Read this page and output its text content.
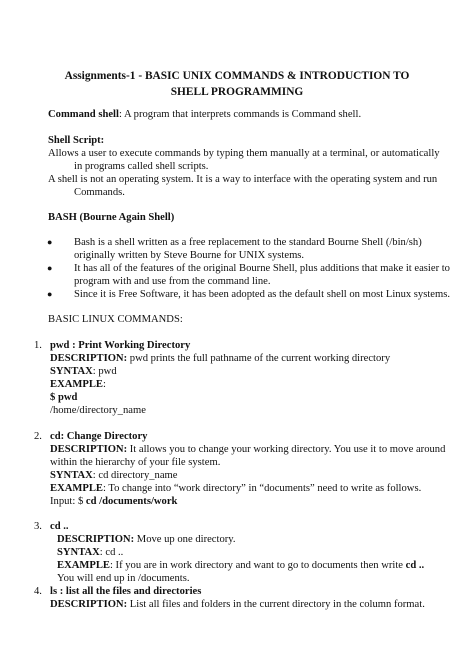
Assignments-1 - BASIC UNIX COMMANDS & INTRODUCTION TO
SHELL PROGRAMMING
Command shell: A program that interprets commands is Command shell.
Shell Script:
Allows a user to execute commands by typing them manually at a terminal, or automatically
in programs called shell scripts.
A shell is not an operating system. It is a way to interface with the operating system and run
Commands.
BASH (Bourne Again Shell)
● Bash is a shell written as a free replacement to the standard Bourne Shell (/bin/sh)
originally written by Steve Bourne for UNIX systems.
● It has all of the features of the original Bourne Shell, plus additions that make it easier to
program with and use from the command line.
● Since it is Free Software, it has been adopted as the default shell on most Linux systems.
BASIC LINUX COMMANDS:
1. pwd : Print Working Directory
DESCRIPTION: pwd prints the full pathname of the current working directory
SYNTAX: pwd
EXAMPLE:
$ pwd
/home/directory_name
2. cd: Change Directory
DESCRIPTION: It allows you to change your working directory. You use it to move around
within the hierarchy of your file system.
SYNTAX: cd directory_name
EXAMPLE: To change into “work directory” in “documents” need to write as follows.
Input: $ cd /documents/work
3. cd ..
DESCRIPTION: Move up one directory.
SYNTAX: cd ..
EXAMPLE: If you are in work directory and want to go to documents then write cd ..
You will end up in /documents.
4. ls : list all the files and directories
DESCRIPTION: List all files and folders in the current directory in the column format.
